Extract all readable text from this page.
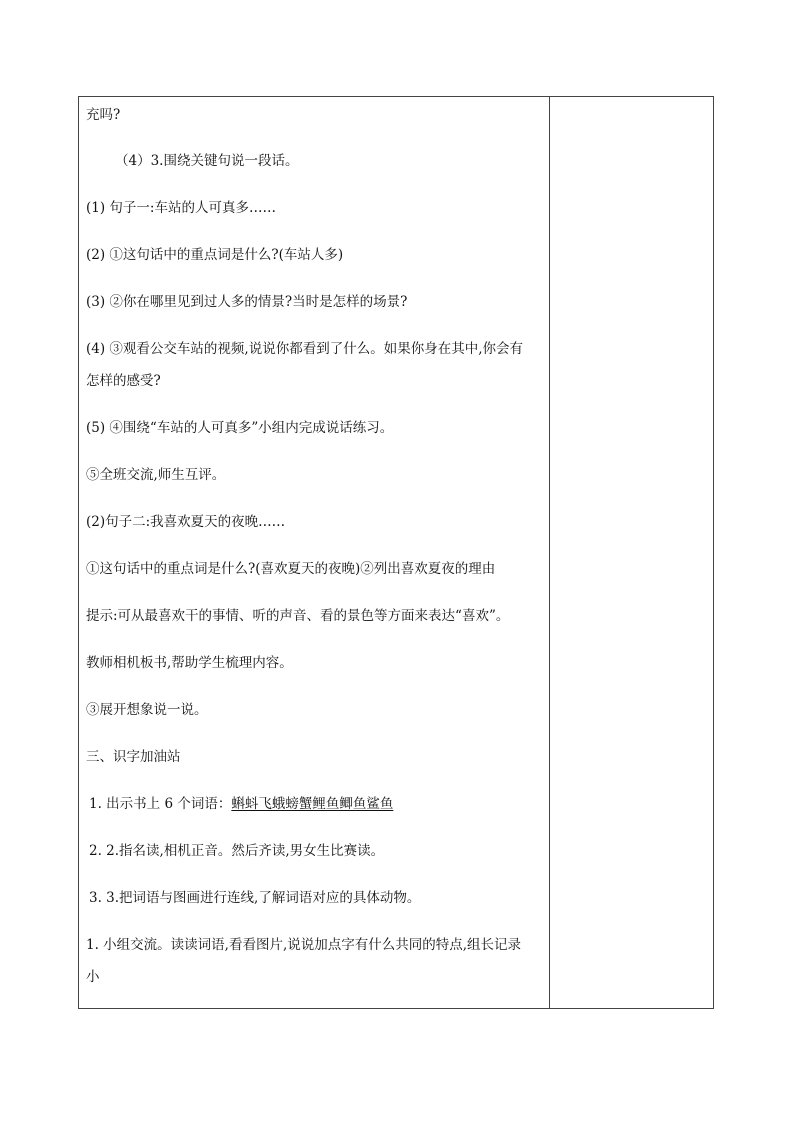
充吗?
（4）3.围绕关键句说一段话。
(1) 句子一:车站的人可真多……
(2) ①这句话中的重点词是什么?(车站人多)
(3) ②你在哪里见到过人多的情景?当时是怎样的场景?
(4) ③观看公交车站的视频,说说你都看到了什么。如果你身在其中,你会有
怎样的感受?
(5) ④围绕“车站的人可真多”小组内完成说话练习。
⑤全班交流,师生互评。
(2)句子二:我喜欢夏天的夜晚……
①这句话中的重点词是什么?(喜欢夏天的夜晚)②列出喜欢夏夜的理由
提示:可从最喜欢干的事情、听的声音、看的景色等方面来表达“喜欢”。
教师相机板书,帮助学生梳理内容。
③展开想象说一说。
三、识字加油站
1. 出示书上 6 个词语：蝌蚪飞蛾螃蟹鲤鱼鲫鱼鲨鱼
2. 2.指名读,相机正音。然后齐读,男女生比赛读。
3. 3.把词语与图画进行连线,了解词语对应的具体动物。
1. 小组交流。读读词语,看看图片,说说加点字有什么共同的特点,组长记录
小
